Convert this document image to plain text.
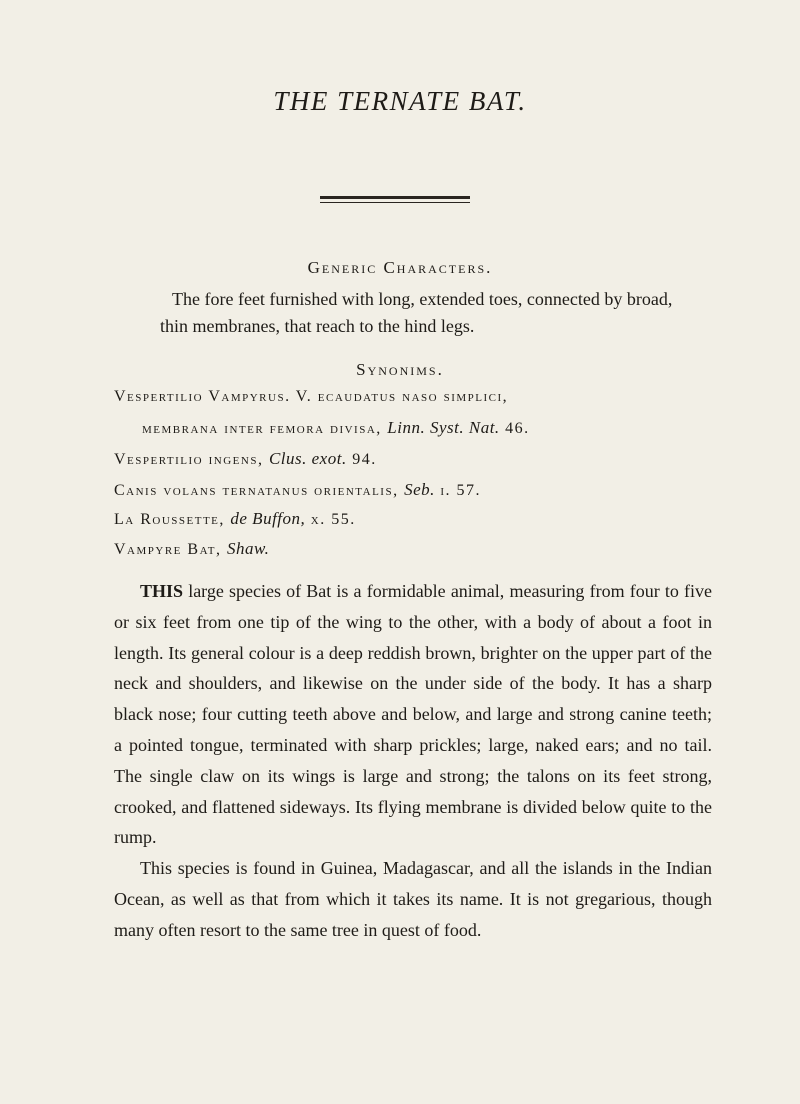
THE TERNATE BAT.
Generic Characters.
The fore feet furnished with long, extended toes, connected by broad, thin membranes, that reach to the hind legs.
Synonims.
Vespertilio Vampyrus. V. ecaudatus naso simplici,
membrana inter femora divisa, Linn. Syst. Nat. 46.
Vespertilio ingens, Clus. exot. 94.
Canis volans ternatanus orientalis, Seb. i. 57.
La Roussette, de Buffon, x. 55.
Vampyre Bat, Shaw.

THIS large species of Bat is a formidable animal, measuring from four to five or six feet from one tip of the wing to the other, with a body of about a foot in length. Its general colour is a deep reddish brown, brighter on the upper part of the neck and shoulders, and likewise on the under side of the body. It has a sharp black nose; four cutting teeth above and below, and large and strong canine teeth; a pointed tongue, terminated with sharp prickles; large, naked ears; and no tail. The single claw on its wings is large and strong; the talons on its feet strong, crooked, and flattened sideways. Its flying membrane is divided below quite to the rump.

This species is found in Guinea, Madagascar, and all the islands in the Indian Ocean, as well as that from which it takes its name. It is not gregarious, though many often resort to the same tree in quest of food.
